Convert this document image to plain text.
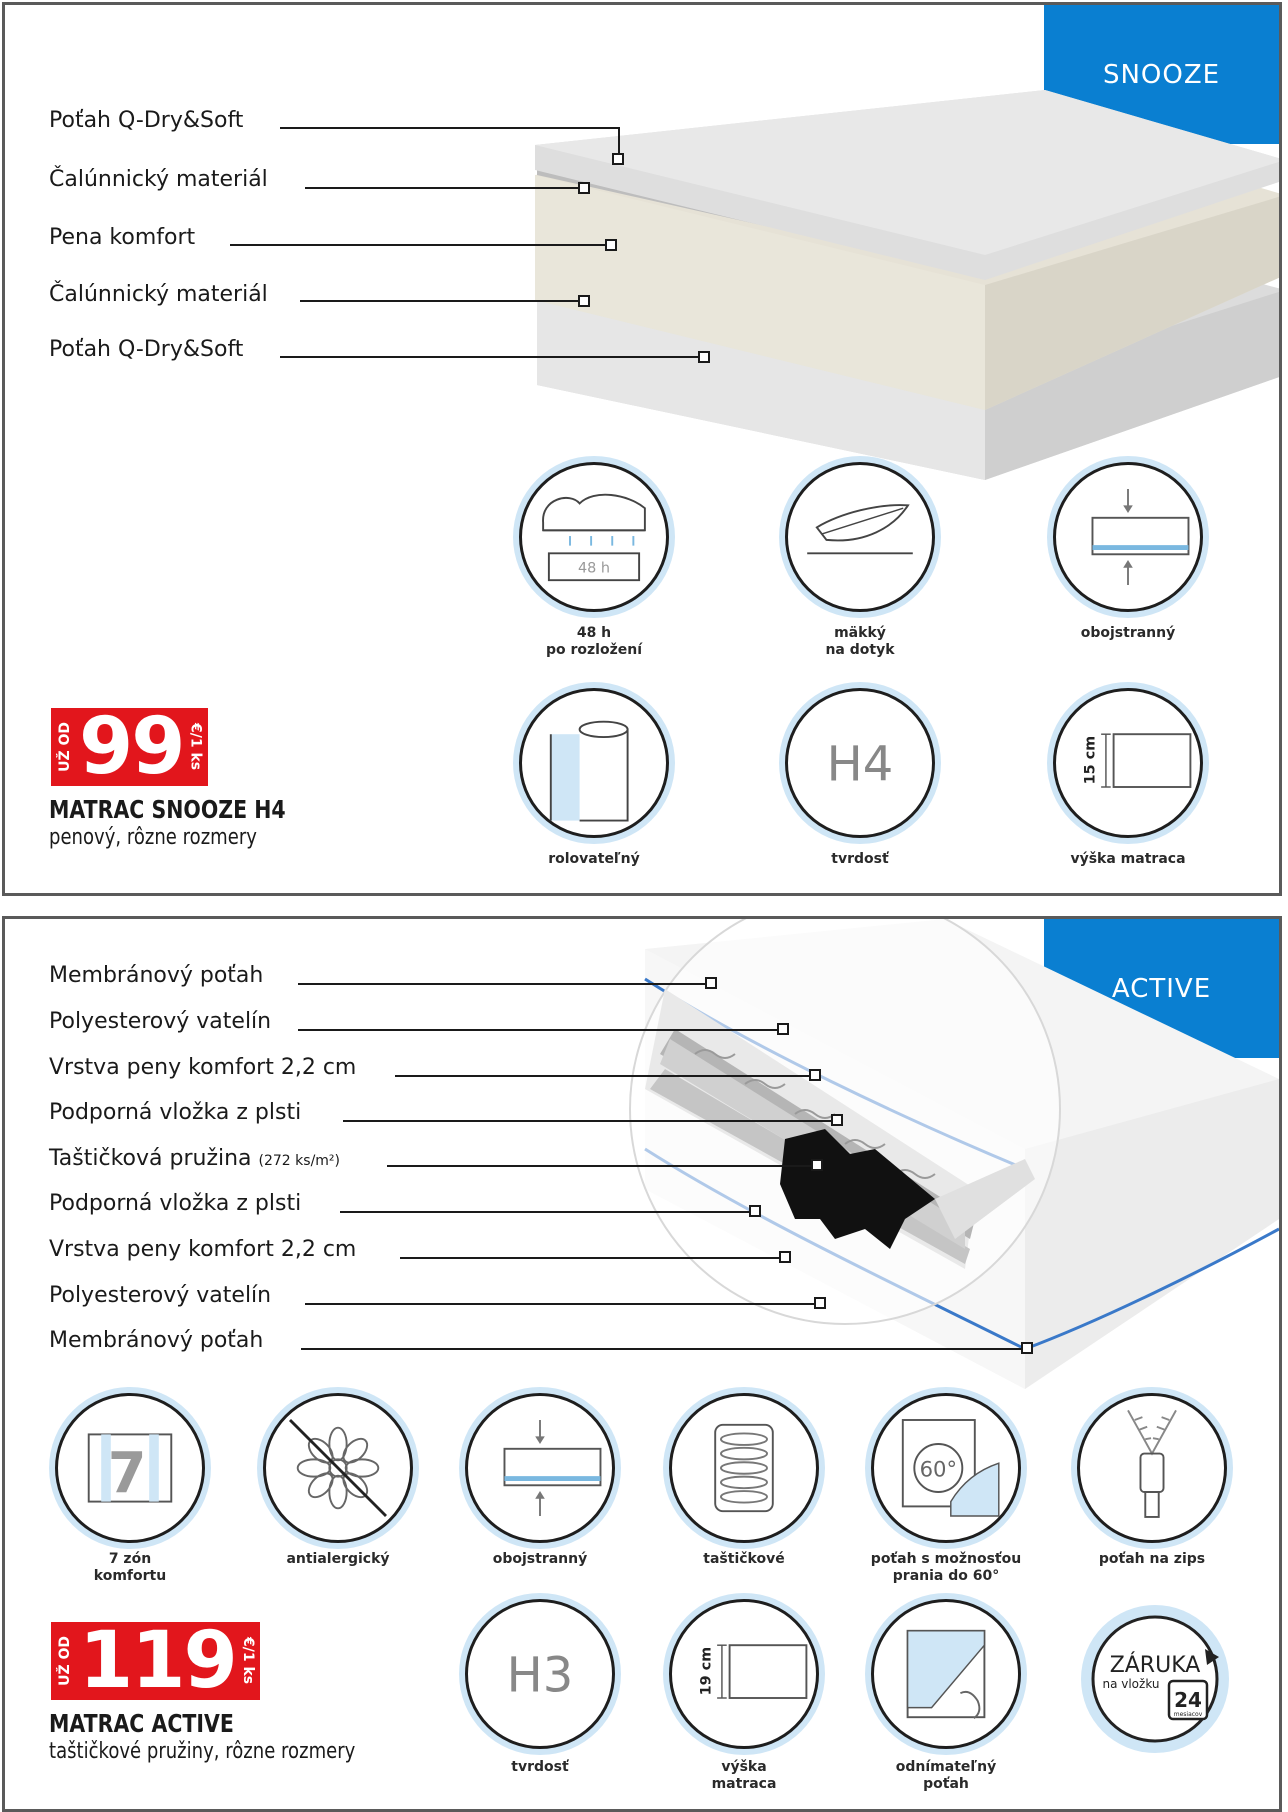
SNOOZE
Poťah Q-Dry&Soft
Čalúnnický materiál
Pena komfort
Čalúnnický materiál
Poťah Q-Dry&Soft
48 h
48 h
po rozložení
mäkký
na dotyk
obojstranný
rolovateľný
H4
tvrdosť
15 cm
výška matraca
UŽ OD 99 €/1 ks
MATRAC SNOOZE H4
penový, rôzne rozmery
ACTIVE
Membránový poťah
Polyesterový vatelín
Vrstva peny komfort 2,2 cm
Podporná vložka z plsti
Taštičková pružina (272 ks/m²)
Podporná vložka z plsti
Vrstva peny komfort 2,2 cm
Polyesterový vatelín
Membránový poťah
7
7 zón
komfortu
antialergický	obojstranný	taštičkové
60°
poťah s možnosťou
prania do 60°
poťah na zips
H3
tvrdosť
19 cm
výška
matraca
odnímateľný
poťah
ZÁRUKA
na vložku
24
mesiacov
UŽ OD 119 €/1 ks
MATRAC ACTIVE
taštičkové pružiny, rôzne rozmery
